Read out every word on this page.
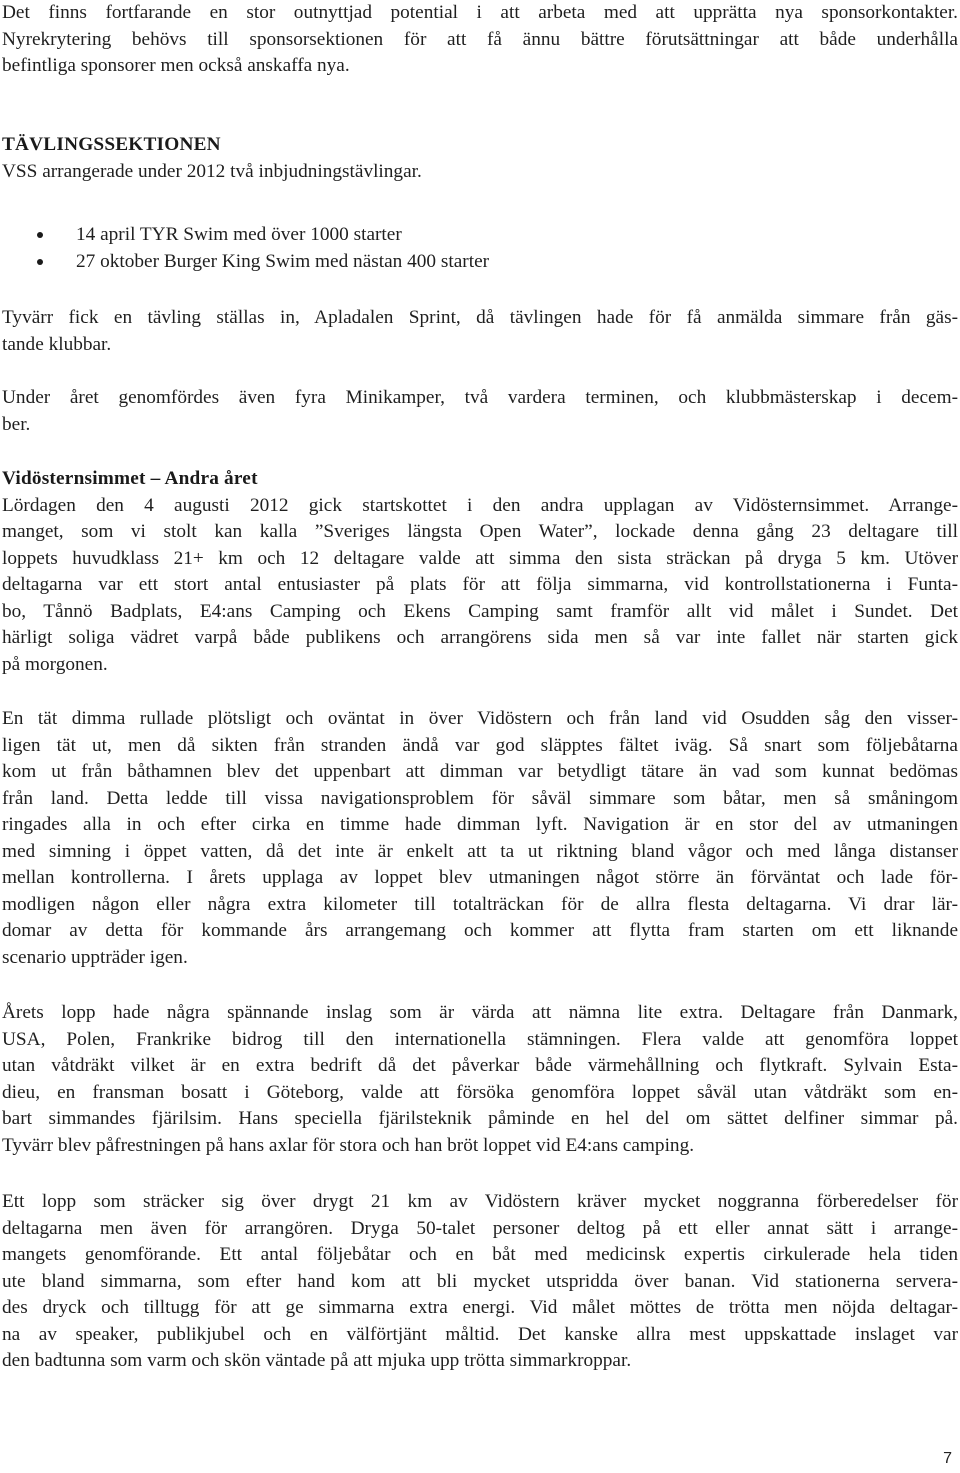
Det finns fortfarande en stor outnyttjad potential i att arbeta med att upprätta nya sponsorkontakter.
Nyrekrytering behövs till sponsorsektionen för att få ännu bättre förutsättningar att både underhålla
befintliga sponsorer men också anskaffa nya.
TÄVLINGSSEKTIONEN
VSS arrangerade under 2012 två inbjudningstävlingar.
14 april TYR Swim med över 1000 starter
27 oktober Burger King Swim med nästan 400 starter
Tyvärr fick en tävling ställas in, Apladalen Sprint, då tävlingen hade för få anmälda simmare från gäs-
tande klubbar.
Under året genomfördes även fyra Minikamper, två vardera terminen, och klubbmästerskap i decem-
ber.
Vidösternsimmet – Andra året
Lördagen den 4 augusti 2012 gick startskottet i den andra upplagan av Vidösternsimmet. Arrange-
manget, som vi stolt kan kalla ”Sveriges längsta Open Water”, lockade denna gång 23 deltagare till
loppets huvudklass 21+ km och 12 deltagare valde att simma den sista sträckan på dryga 5 km. Utöver
deltagarna var ett stort antal entusiaster på plats för att följa simmarna, vid kontrollstationerna i Funta-
bo, Tånnö Badplats, E4:ans Camping och Ekens Camping samt framför allt vid målet i Sundet. Det
härligt soliga vädret varpå både publikens och arrangörens sida men så var inte fallet när starten gick
på morgonen.
En tät dimma rullade plötsligt och oväntat in över Vidöstern och från land vid Osudden såg den visser-
ligen tät ut, men då sikten från stranden ändå var god släpptes fältet iväg. Så snart som följebåtarna
kom ut från båthamnen blev det uppenbart att dimman var betydligt tätare än vad som kunnat bedömas
från land. Detta ledde till vissa navigationsproblem för såväl simmare som båtar, men så småningom
ringades alla in och efter cirka en timme hade dimman lyft. Navigation är en stor del av utmaningen
med simning i öppet vatten, då det inte är enkelt att ta ut riktning bland vågor och med långa distanser
mellan kontrollerna. I årets upplaga av loppet blev utmaningen något större än förväntat och lade för-
modligen någon eller några extra kilometer till totalträckan för de allra flesta deltagarna. Vi drar lär-
domar av detta för kommande års arrangemang och kommer att flytta fram starten om ett liknande
scenario uppträder igen.
Årets lopp hade några spännande inslag som är värda att nämna lite extra. Deltagare från Danmark,
USA, Polen, Frankrike bidrog till den internationella stämningen. Flera valde att genomföra loppet
utan våtdräkt vilket är en extra bedrift då det påverkar både värmehållning och flytkraft. Sylvain Esta-
dieu, en fransman bosatt i Göteborg, valde att försöka genomföra loppet såväl utan våtdräkt som en-
bart simmandes fjärilsim. Hans speciella fjärilsteknik påminde en hel del om sättet delfiner simmar på.
Tyvärr blev påfrestningen på hans axlar för stora och han bröt loppet vid E4:ans camping.
Ett lopp som sträcker sig över drygt 21 km av Vidöstern kräver mycket noggranna förberedelser för
deltagarna men även för arrangören. Dryga 50-talet personer deltog på ett eller annat sätt i arrange-
mangets genomförande. Ett antal följebåtar och en båt med medicinsk expertis cirkulerade hela tiden
ute bland simmarna, som efter hand kom att bli mycket utspridda över banan. Vid stationerna servera-
des dryck och tilltugg för att ge simmarna extra energi. Vid målet möttes de trötta men nöjda deltagar-
na av speaker, publikjubel och en välförtjänt måltid. Det kanske allra mest uppskattade inslaget var
den badtunna som varm och skön väntade på att mjuka upp trötta simmarkroppar.
7
